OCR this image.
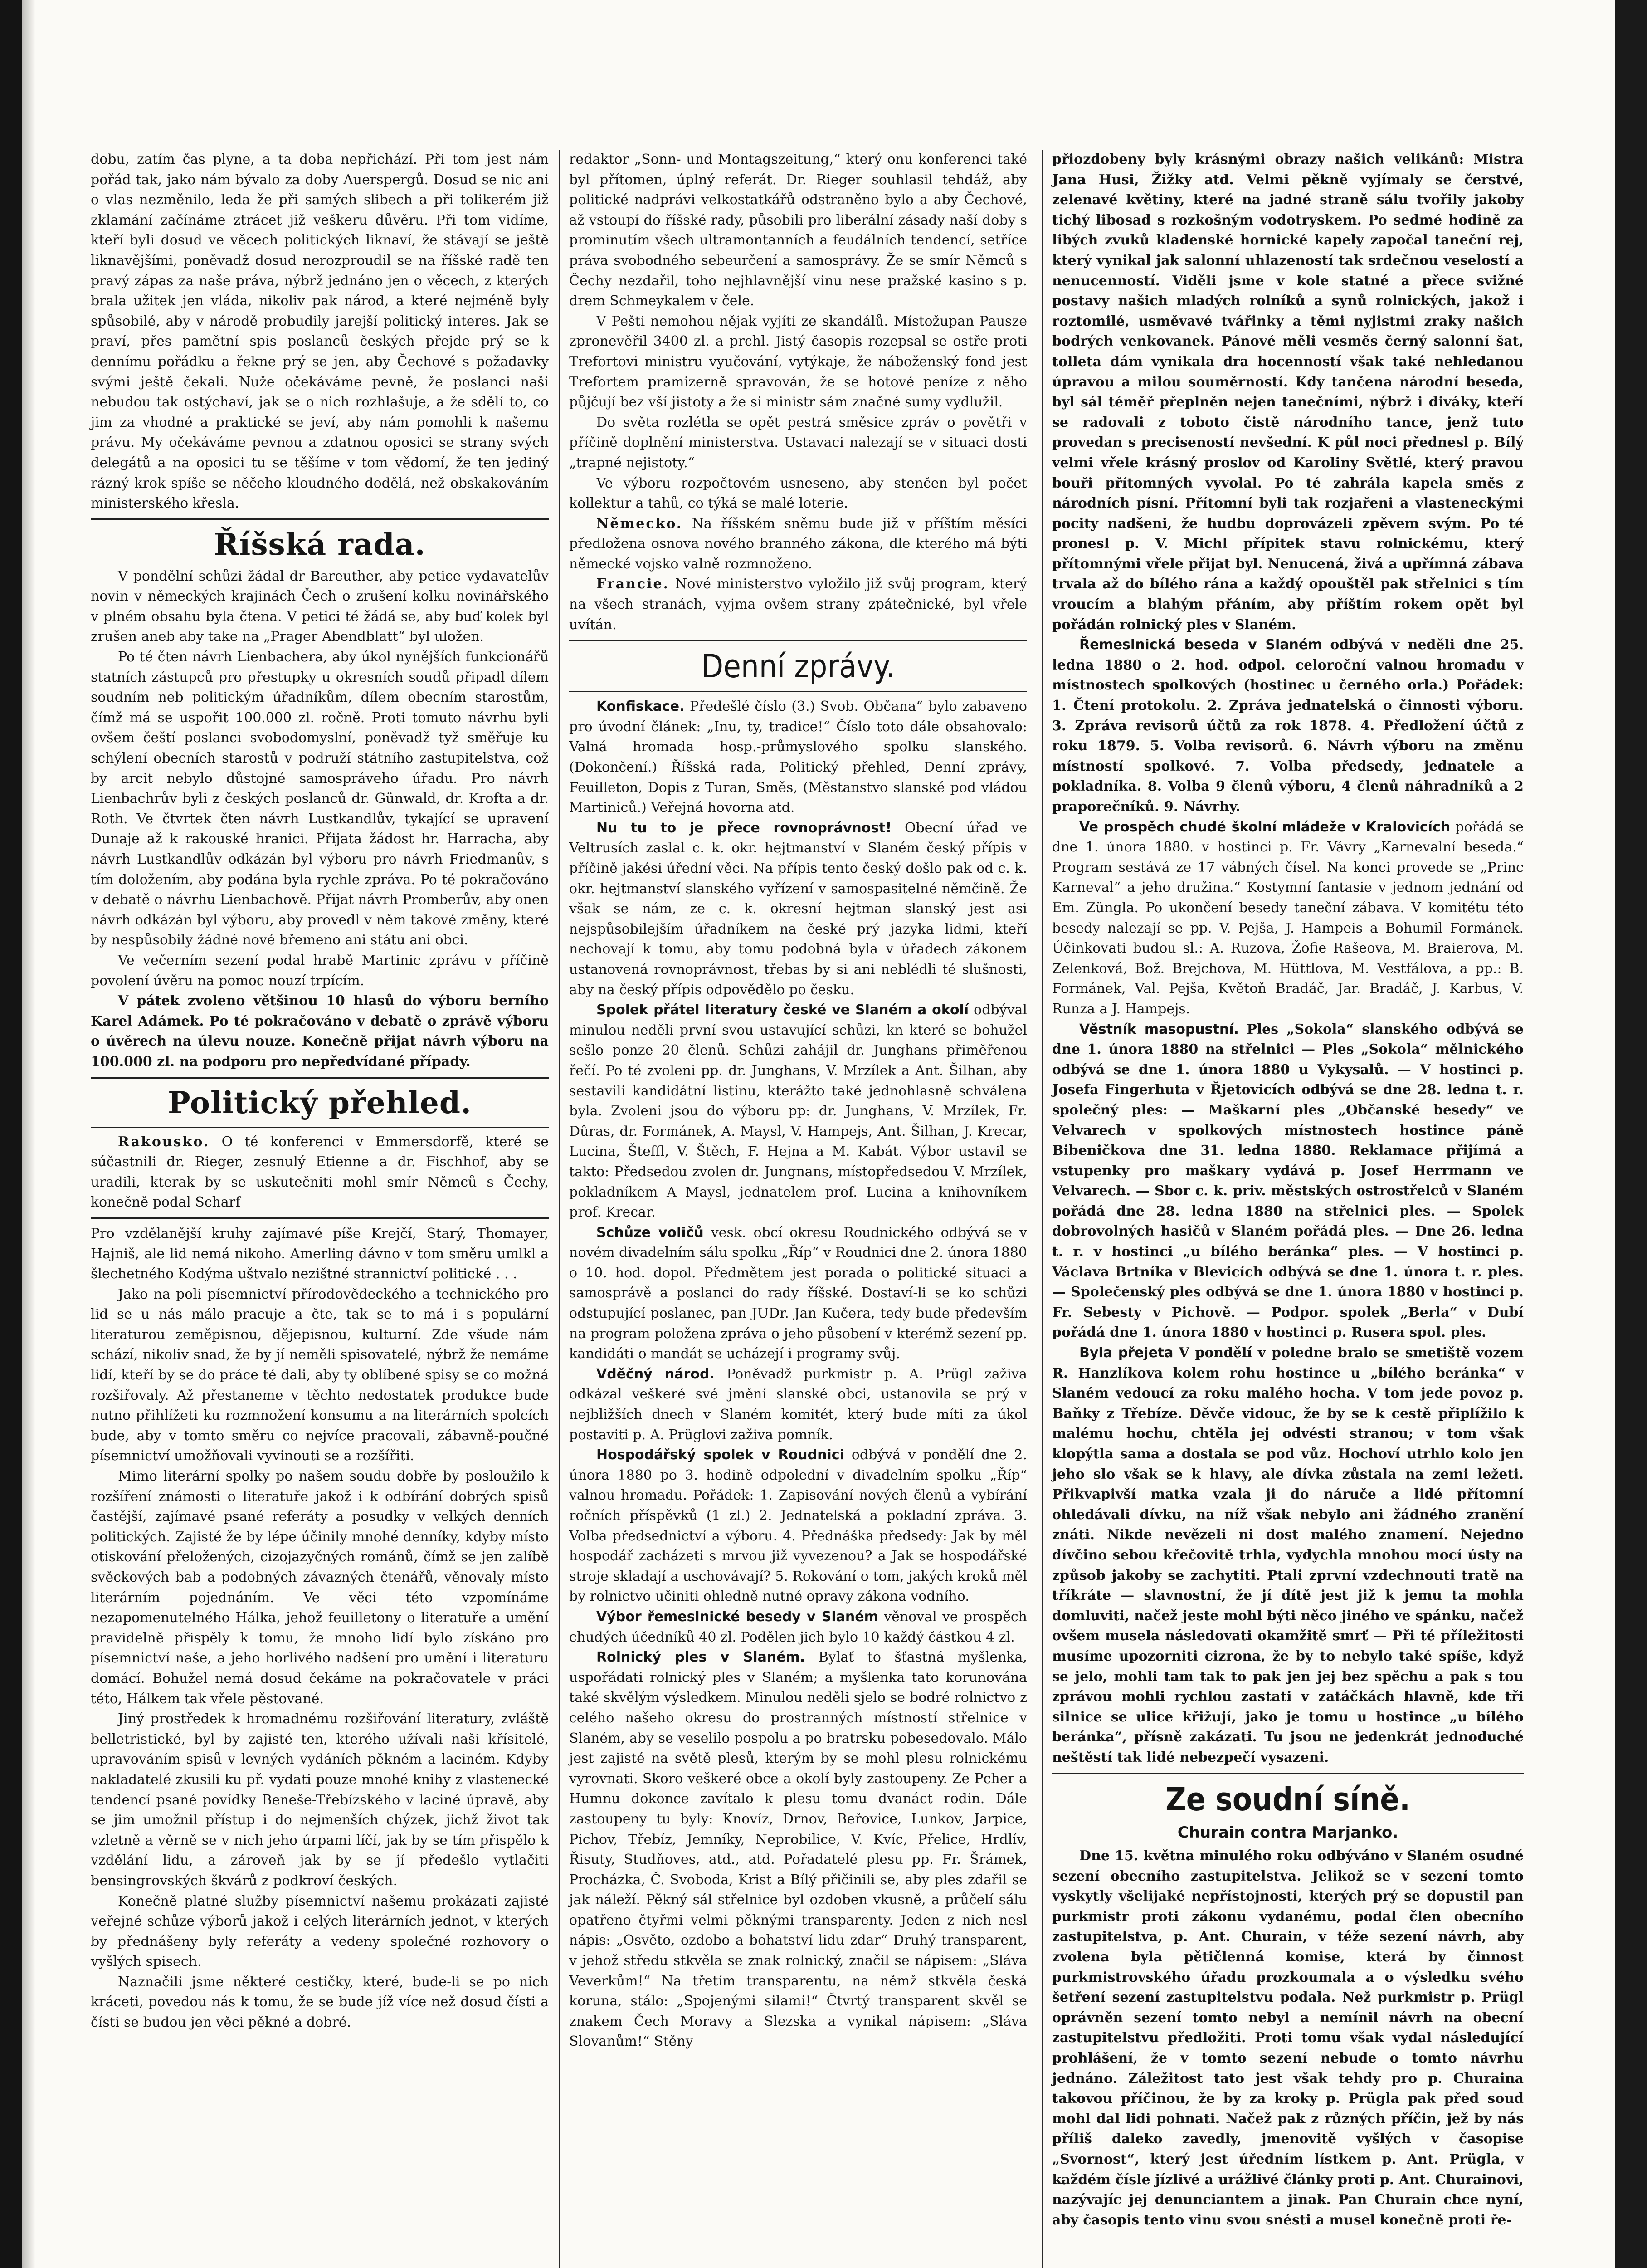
dobu, zatím čas plyne, a ta doba nepřichází. Při tom jest nám pořád tak, jako nám bývalo za doby Auerspergů. Dosud se nic ani o vlas nezměnilo, leda že při samých slibech a při tolikerém již zklamání začínáme ztrácet již veškeru důvěru. Při tom vidíme, kteří byli dosud ve věcech politických liknaví, že stávají se ještě liknavějšími, poněvadž dosud nerozproudil se na říšské radě ten pravý zápas za naše práva, nýbrž jednáno jen o věcech, z kterých brala užitek jen vláda, nikoliv pak národ, a které nejméně byly spůsobilé, aby v národě probudily jarejší politický interes. Jak se praví, přes pamětní spis poslanců českých přejde prý se k dennímu pořádku a řekne prý se jen, aby Čechové s požadavky svými ještě čekali. Nuže očekáváme pevně, že poslanci naši nebudou tak ostýchaví, jak se o nich rozhlašuje, a že sdělí to, co jim za vhodné a praktické se jeví, aby nám pomohli k našemu právu. My očekáváme pevnou a zdatnou oposici se strany svých delegátů a na oposici tu se těšíme v tom vědomí, že ten jediný rázný krok spíše se něčeho kloudného dodělá, než obskakováním ministerského křesla.

Říšská rada.

V pondělní schůzi žádal dr Bareuther, aby petice vydavatelův novin v německých krajinách Čech o zrušení kolku novinářského v plném obsahu byla čtena. V petici té žádá se, aby buď kolek byl zrušen aneb aby take na „Prager Abendblatt“ byl uložen.

Po té čten návrh Lienbachera, aby úkol nynějších funkcionářů statních zástupců pro přestupky u okresních soudů připadl dílem soudním neb politickým úřadníkům, dílem obecním starostům, čímž má se uspořit 100.000 zl. ročně. Proti tomuto návrhu byli ovšem čeští poslanci svobodomyslní, poněvadž tyž směřuje ku schýlení obecních starostů v podruží státního zastupitelstva, což by arcit nebylo důstojné samospráveho úřadu. Pro návrh Lienbachrův byli z českých poslanců dr. Günwald, dr. Krofta a dr. Roth. Ve čtvrtek čten návrh Lustkandlův, tykající se upravení Dunaje až k rakouské hranici. Přijata žádost hr. Harracha, aby návrh Lustkandlův odkázán byl výboru pro návrh Friedmanův, s tím doložením, aby podána byla rychle zpráva. Po té pokračováno v debatě o návrhu Lienbachově. Přijat návrh Promberův, aby onen návrh odkázán byl výboru, aby provedl v něm takové změny, které by nespůsobily žádné nové břemeno ani státu ani obci.

Ve večerním sezení podal hrabě Martinic zprávu v příčině povolení úvěru na pomoc nouzí trpícím.

V pátek zvoleno většinou 10 hlasů do výboru berního Karel Adámek. Po té pokračováno v debatě o zprávě výboru o úvěrech na úlevu nouze. Konečně přijat návrh výboru na 100.000 zl. na podporu pro nepředvídané případy.

Politický přehled.

Rakousko. O té konferenci v Emmersdorfě, které se súčastnili dr. Rieger, zesnulý Etienne a dr. Fischhof, aby se uradili, kterak by se uskutečniti mohl smír Němců s Čechy, konečně podal Scharf

Pro vzdělanější kruhy zajímavé píše Krejčí, Starý, Thomayer, Hajniš, ale lid nemá nikoho. Amerling dávno v tom směru umlkl a šlechetného Kodýma uštvalo nezištné strannictví politické . . .

Jako na poli písemnictví přírodovědeckého a technického pro lid se u nás málo pracuje a čte, tak se to má i s populární literaturou zeměpisnou, dějepisnou, kulturní. Zde všude nám schází, nikoliv snad, že by jí neměli spisovatelé, nýbrž že nemáme lidí, kteří by se do práce té dali, aby ty oblíbené spisy se co možná rozšiřovaly. Až přestaneme v těchto nedostatek produkce bude nutno přihlížeti ku rozmnožení konsumu a na literárních spolcích bude, aby v tomto směru co nejvíce pracovali, zábavně-poučné písemnictví umožňovali vyvinouti se a rozšířiti.

Mimo literární spolky po našem soudu dobře by posloužilo k rozšíření známosti o literatuře jakož i k odbírání dobrých spisů častější, zajímavé psané referáty a posudky v velkých denních politických. Zajisté že by lépe účinily mnohé denníky, kdyby místo otiskování přeložených, cizojazyčných románů, čímž se jen zalíbě svěckových bab a podobných závazných čtenářů, věnovaly místo literárním pojednáním. Ve věci této vzpomínáme nezapomenutelného Hálka, jehož feuilletony o literatuře a umění pravidelně přispěly k tomu, že mnoho lidí bylo získáno pro písemnictví naše, a jeho horlivého nadšení pro umění i literaturu domácí. Bohužel nemá dosud čekáme na pokračovatele v práci této, Hálkem tak vřele pěstované.

Jiný prostředek k hromadnému rozšiřování literatury, zvláště belletristické, byl by zajisté ten, kterého užívali naši křísitelé, upravováním spisů v levných vydáních pěkném a laciném. Kdyby nakladatelé zkusili ku př. vydati pouze mnohé knihy z vlastenecké tendencí psané povídky Beneše-Třebízského v laciné úpravě, aby se jim umožnil přístup i do nejmenších chýzek, jichž život tak vzletně a věrně se v nich jeho úrpami líčí, jak by se tím přispělo k vzdělání lidu, a zároveň jak by se jí předešlo vytlačiti bensingrovských škvárů z podkroví českých.

Konečně platné služby písemnictví našemu prokázati zajisté veřejné schůze výborů jakož i celých literárních jednot, v kterých by přednášeny byly referáty a vedeny společné rozhovory o vyšlých spisech.

Naznačili jsme některé cestičky, které, bude-li se po nich kráceti, povedou nás k tomu, že se bude jíž více než dosud čísti a čísti se budou jen věci pěkné a dobré.

redaktor „Sonn- und Montagszeitung,“ který onu konferenci také byl přítomen, úplný referát. Dr. Rieger souhlasil tehdáž, aby politické nadprávi velkostatkářů odstraněno bylo a aby Čechové, až vstoupí do říšské rady, působili pro liberální zásady naší doby s prominutím všech ultramontanních a feudálních tendencí, setříce práva svobodného sebeurčení a samosprávy. Že se smír Němců s Čechy nezdařil, toho nejhlavnější vinu nese pražské kasino s p. drem Schmeykalem v čele.

V Pešti nemohou nějak vyjíti ze skandálů. Místožupan Pausze zpronevěřil 3400 zl. a prchl. Jistý časopis rozepsal se ostře proti Trefortovi ministru vyučování, vytýkaje, že náboženský fond jest Trefortem pramizerně spravován, že se hotové peníze z něho půjčují bez vší jistoty a že si ministr sám značné sumy vydlužil.

Do světa rozlétla se opět pestrá směsice zpráv o povětři v příčině doplnění ministerstva. Ustavaci nalezají se v situaci dosti „trapné nejistoty.“

Ve výboru rozpočtovém usneseno, aby stenčen byl počet kollektur a tahů, co týká se malé loterie.

Německo. Na říšském sněmu bude již v příštím měsíci předložena osnova nového branného zákona, dle kterého má býti německé vojsko valně rozmnoženo.

Francie. Nové ministerstvo vyložilo již svůj program, který na všech stranách, vyjma ovšem strany zpátečnické, byl vřele uvítán.

Denní zprávy.

Konfiskace. Předešlé číslo (3.) Svob. Občana“ bylo zabaveno pro úvodní článek: „Inu, ty, tradice!“ Číslo toto dále obsahovalo: Valná hromada hosp.-průmyslového spolku slanského. (Dokončení.) Říšská rada, Politický přehled, Denní zprávy, Feuilleton, Dopis z Turan, Směs, (Městanstvo slanské pod vládou Martiniců.) Veřejná hovorna atd.

Nu tu to je přece rovnoprávnost! Obecní úřad ve Veltrusích zaslal c. k. okr. hejtmanství v Slaném český přípis v příčině jakési úřední věci. Na přípis tento český došlo pak od c. k. okr. hejtmanství slanského vyřízení v samospasitelné němčině. Že však se nám, ze c. k. okresní hejtman slanský jest asi nejspůsobilejším úřadníkem na české prý jazyka lidmi, kteří nechovají k tomu, aby tomu podobná byla v úřadech zákonem ustanovená rovnoprávnost, třebas by si ani neblédli té slušnosti, aby na český přípis odpovědělo po česku.

Spolek přátel literatury české ve Slaném a okolí odbýval minulou neděli první svou ustavující schůzi, kn které se bohužel sešlo ponze 20 členů. Schůzi zahájil dr. Junghans přiměřenou řečí. Po té zvoleni pp. dr. Junghans, V. Mrzílek a Ant. Šilhan, aby sestavili kandidátní listinu, kterážto také jednohlasně schválena byla. Zvoleni jsou do výboru pp: dr. Junghans, V. Mrzílek, Fr. Dûras, dr. Formánek, A. Maysl, V. Hampejs, Ant. Šilhan, J. Krecar, Lucina, Šteffl, V. Štěch, F. Hejna a M. Kabát. Výbor ustavil se takto: Předsedou zvolen dr. Jungnans, místopředsedou V. Mrzílek, pokladníkem A Maysl, jednatelem prof. Lucina a knihovníkem prof. Krecar.

Schůze voličů vesk. obcí okresu Roudnického odbývá se v novém divadelním sálu spolku „Říp“ v Roudnici dne 2. února 1880 o 10. hod. dopol. Předmětem jest porada o politické situaci a samosprávě a poslanci do rady říšské. Dostaví-li se ko schůzi odstupující poslanec, pan JUDr. Jan Kučera, tedy bude především na program položena zpráva o jeho působení v kterémž sezení pp. kandidáti o mandát se ucházejí i programy svůj.

Vděčný národ. Poněvadž purkmistr p. A. Prügl zaživa odkázal veškeré své jmění slanské obci, ustanovila se prý v nejbližších dnech v Slaném komitét, který bude míti za úkol postaviti p. A. Prüglovi zaživa pomník.

Hospodářský spolek v Roudnici odbývá v pondělí dne 2. února 1880 po 3. hodině odpolední v divadelním spolku „Říp“ valnou hromadu. Pořádek: 1. Zapisování nových členů a vybírání ročních příspěvků (1 zl.) 2. Jednatelská a pokladní zpráva. 3. Volba předsednictví a výboru. 4. Přednáška předsedy: Jak by měl hospodář zacházeti s mrvou již vyvezenou? a Jak se hospodářské stroje skladají a uschovávají? 5. Rokování o tom, jakých kroků měl by rolnictvo učiniti ohledně nutné opravy zákona vodního.

Výbor řemeslnické besedy v Slaném věnoval ve prospěch chudých účedníků 40 zl. Podělen jich bylo 10 každý částkou 4 zl.

Rolnický ples v Slaném. Bylať to šťastná myšlenka, uspořádati rolnický ples v Slaném; a myšlenka tato korunována také skvělým výsledkem. Minulou neděli sjelo se bodré rolnictvo z celého našeho okresu do prostranných místností střelnice v Slaném, aby se veselilo pospolu a po bratrsku pobesedovalo. Málo jest zajisté na světě plesů, kterým by se mohl plesu rolnickému vyrovnati. Skoro veškeré obce a okolí byly zastoupeny. Ze Pcher a Humnu dokonce zavítalo k plesu tomu dvanáct rodin. Dále zastoupeny tu byly: Knovíz, Drnov, Beřovice, Lunkov, Jarpice, Pichov, Třebíz, Jemníky, Neprobilice, V. Kvíc, Přelice, Hrdlív, Řisuty, Studňoves, atd., atd. Pořadatelé plesu pp. Fr. Šrámek, Procházka, Č. Svoboda, Krist a Bílý přičinili se, aby ples zdařil se jak náleží. Pěkný sál střelnice byl ozdoben vkusně, a průčelí sálu opatřeno čtyřmi velmi pěknými transparenty. Jeden z nich nesl nápis: „Osvěto, ozdobo a bohatství lidu zdar“ Druhý transparent, v jehož středu stkvěla se znak rolnický, značil se nápisem: „Sláva Veverkům!“ Na třetím transparentu, na němž stkvěla česká koruna, stálo: „Spojenými silami!“ Čtvrtý transparent skvěl se znakem Čech Moravy a Slezska a vynikal nápisem: „Sláva Slovanům!“ Stěny

přiozdobeny byly krásnými obrazy našich velikánů: Mistra Jana Husi, Žižky atd. Velmi pěkně vyjímaly se čerstvé, zelenavé květiny, které na jadné straně sálu tvořily jakoby tichý libosad s rozkošným vodotryskem. Po sedmé hodině za libých zvuků kladenské hornické kapely započal taneční rej, který vynikal jak salonní uhlazeností tak srdečnou veselostí a nenucenností. Viděli jsme v kole statné a přece svižné postavy našich mladých rolníků a synů rolnických, jakož i roztomilé, usměvavé tvářinky a těmi nyjistmi zraky našich bodrých venkovanek. Pánové měli vesměs černý salonní šat, tolleta dám vynikala dra hocenností však také nehledanou úpravou a milou souměrností. Kdy tančena národní beseda, byl sál téměř přeplněn nejen tanečními, nýbrž i diváky, kteří se radovali z toboto čistě národního tance, jenž tuto provedan s preciseností nevšední. K půl noci přednesl p. Bílý velmi vřele krásný proslov od Karoliny Světlé, který pravou bouři přítomných vyvolal. Po té zahrála kapela směs z národních písní. Přítomní byli tak rozjařeni a vlasteneckými pocity nadšeni, že hudbu doprovázeli zpěvem svým. Po té pronesl p. V. Michl přípitek stavu rolnickému, který přítomnými vřele přijat byl. Nenucená, živá a upřímná zábava trvala až do bílého rána a každý opouštěl pak střelnici s tím vroucím a blahým přáním, aby příštím rokem opět byl pořádán rolnický ples v Slaném.

Řemeslnická beseda v Slaném odbývá v neděli dne 25. ledna 1880 o 2. hod. odpol. celoroční valnou hromadu v místnostech spolkových (hostinec u černého orla.) Pořádek: 1. Čtení protokolu. 2. Zpráva jednatelská o činnosti výboru. 3. Zpráva revisorů účtů za rok 1878. 4. Předložení účtů z roku 1879. 5. Volba revisorů. 6. Návrh výboru na změnu místností spolkové. 7. Volba předsedy, jednatele a pokladníka. 8. Volba 9 členů výboru, 4 členů náhradníků a 2 praporečníků. 9. Návrhy.

Ve prospěch chudé školní mládeže v Kralovicích pořádá se dne 1. února 1880. v hostinci p. Fr. Vávry „Karnevalní beseda.“ Program sestává ze 17 vábných čísel. Na konci provede se „Princ Karneval“ a jeho družina.“ Kostymní fantasie v jednom jednání od Em. Züngla. Po ukončení besedy taneční zábava. V komitétu této besedy nalezají se pp. V. Pejša, J. Hampeis a Bohumil Formánek. Účinkovati budou sl.: A. Ruzova, Žofie Rašeova, M. Braierova, M. Zelenková, Bož. Brejchova, M. Hüttlova, M. Vestfálova, a pp.: B. Formánek, Val. Pejša, Květoň Bradáč, Jar. Bradáč, J. Karbus, V. Runza a J. Hampejs.

Věstník masopustní. Ples „Sokola“ slanského odbývá se dne 1. února 1880 na střelnici — Ples „Sokola“ mělnického odbývá se dne 1. února 1880 u Vykysalů. — V hostinci p. Josefa Fingerhuta v Řjetovicích odbývá se dne 28. ledna t. r. společný ples: — Maškarní ples „Občanské besedy“ ve Velvarech v spolkových místnostech hostince páně Bibeničkova dne 31. ledna 1880. Reklamace přijímá a vstupenky pro maškary vydává p. Josef Herrmann ve Velvarech. — Sbor c. k. priv. městských ostrostřelců v Slaném pořádá dne 28. ledna 1880 na střelnici ples. — Spolek dobrovolných hasičů v Slaném pořádá ples. — Dne 26. ledna t. r. v hostinci „u bílého beránka“ ples. — V hostinci p. Václava Brtníka v Blevicích odbývá se dne 1. února t. r. ples. — Společenský ples odbývá se dne 1. února 1880 v hostinci p. Fr. Sebesty v Pichově. — Podpor. spolek „Berla“ v Dubí pořádá dne 1. února 1880 v hostinci p. Rusera spol. ples.

Byla přejeta V pondělí v poledne bralo se smetiště vozem R. Hanzlíkova kolem rohu hostince u „bílého beránka“ v Slaném vedoucí za roku malého hocha. V tom jede povoz p. Baňky z Třebíze. Děvče vidouc, že by se k cestě připlížilo k malému hochu, chtěla jej odvésti stranou; v tom však klopýtla sama a dostala se pod vůz. Hochoví utrhlo kolo jen jeho slo však se k hlavy, ale dívka zůstala na zemi ležeti. Přikvapivší matka vzala ji do náruče a lidé přítomní ohledávali dívku, na níž však nebylo ani žádného zranění znáti. Nikde nevězeli ni dost malého znamení. Nejedno dívčino sebou křečovitě trhla, vydychla mnohou mocí ústy na způsob jakoby se zachytiti. Ptali zprvní vzdechnouti tratě na tříkráte — slavnostní, že jí dítě jest již k jemu ta mohla domluviti, načež jeste mohl býti něco jiného ve spánku, načež ovšem musela následovati okamžitě smrť — Při té příležitosti musíme upozorniti cizrona, že by to nebylo také spíše, když se jelo, mohli tam tak to pak jen jej bez spěchu a pak s tou zprávou mohli rychlou zastati v zatáčkách hlavně, kde tři silnice se ulice křižují, jako je tomu u hostince „u bílého beránka“, přísně zakázati. Tu jsou ne jedenkrát jednoduché neštěstí tak lidé nebezpečí vysazeni.

Ze soudní síně.
Churain contra Marjanko.

Dne 15. května minulého roku odbýváno v Slaném osudné sezení obecního zastupitelstva. Jelikož se v sezení tomto vyskytly všelijaké nepřístojnosti, kterých prý se dopustil pan purkmistr proti zákonu vydanému, podal člen obecního zastupitelstva, p. Ant. Churain, v téže sezení návrh, aby zvolena byla pětičlenná komise, která by činnost purkmistrovského úřadu prozkoumala a o výsledku svého šetření sezení zastupitelstvu podala. Než purkmistr p. Prügl oprávněn sezení tomto nebyl a nemínil návrh na obecní zastupitelstvu předložiti. Proti tomu však vydal následující prohlášení, že v tomto sezení nebude o tomto návrhu jednáno. Záležitost tato jest však tehdy pro p. Churaina takovou příčinou, že by za kroky p. Prügla pak před soud mohl dal lidi pohnati. Načež pak z různých příčin, jež by nás příliš daleko zavedly, jmenovitě vyšlých v časopise „Svornost“, který jest úředním lístkem p. Ant. Prügla, v každém čísle jízlivé a urážlivé články proti p. Ant. Churainovi, nazývajíc jej denunciantem a jinak. Pan Churain chce nyní, aby časopis tento vinu svou snésti a musel konečně proti ře-
